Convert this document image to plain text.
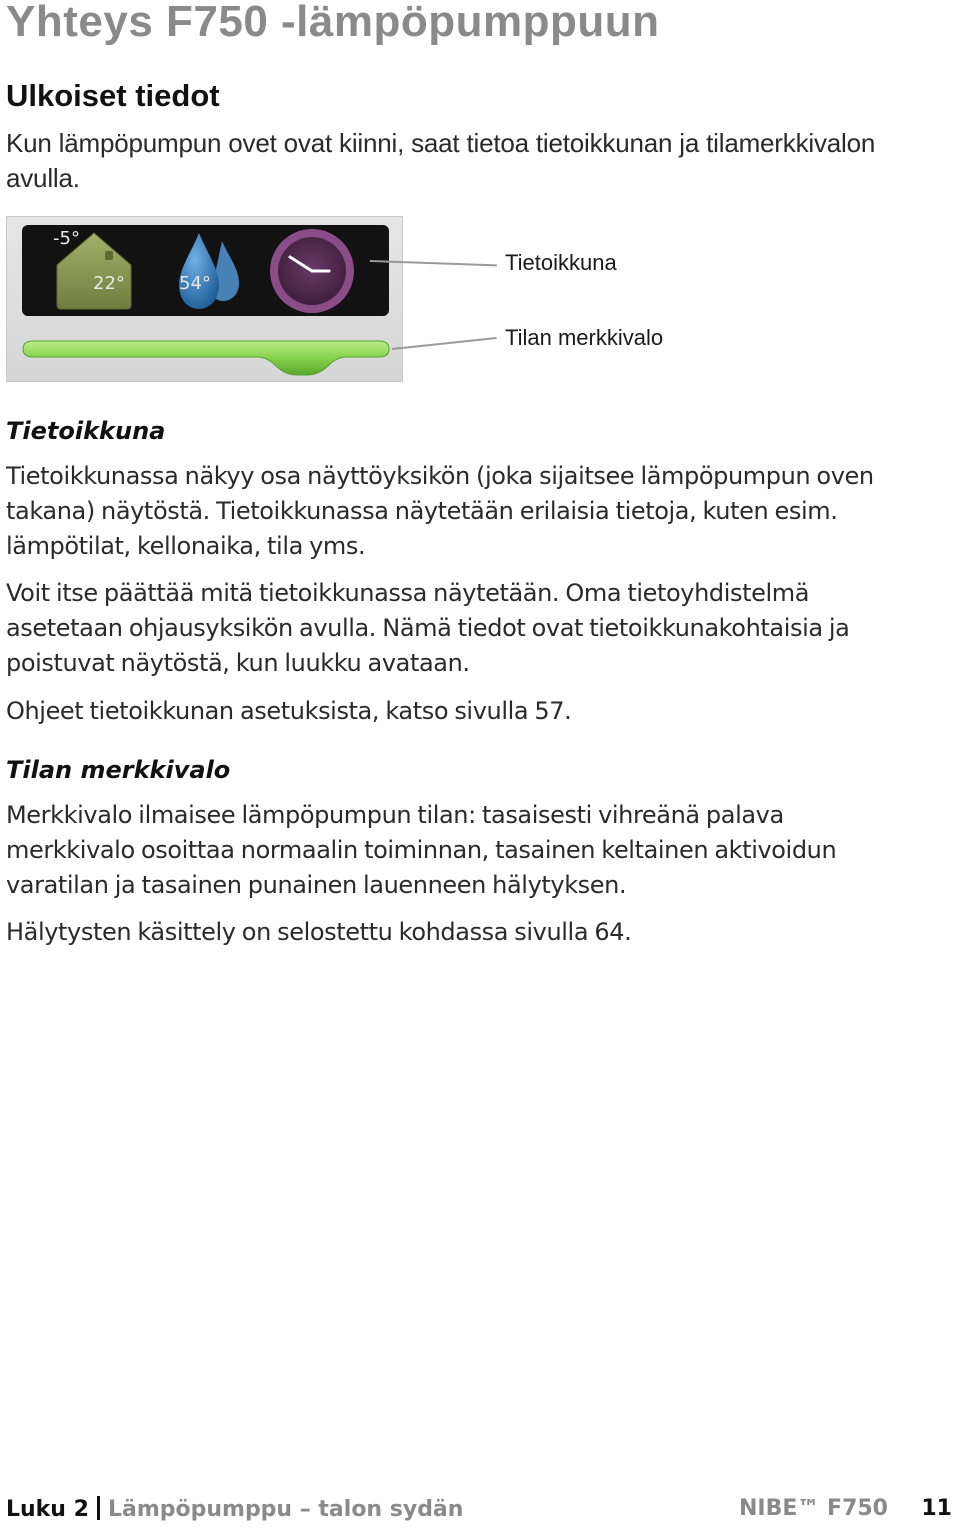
Yhteys F750 -lämpöpumppuun
Ulkoiset tiedot

Kun lämpöpumpun ovet ovat kiinni, saat tietoa tietoikkunan ja tilamerkkivalon avulla.

-5°
22°	54°
Tietoikkuna
Tilan merkkivalo
Tietoikkuna

Tietoikkunassa näkyy osa näyttöyksikön (joka sijaitsee lämpöpumpun oven takana) näytöstä. Tietoikkunassa näytetään erilaisia tietoja, kuten esim. lämpötilat, kellonaika, tila yms.

Voit itse päättää mitä tietoikkunassa näytetään. Oma tietoyhdistelmä asetetaan ohjausyksikön avulla. Nämä tiedot ovat tietoikkunakohtaisia ja poistuvat näytöstä, kun luukku avataan.

Ohjeet tietoikkunan asetuksista, katso sivulla 57.

Tilan merkkivalo

Merkkivalo ilmaisee lämpöpumpun tilan: tasaisesti vihreänä palava merkkivalo osoittaa normaalin toiminnan, tasainen keltainen aktivoidun varatilan ja tasainen punainen lauenneen hälytyksen.

Hälytysten käsittely on selostettu kohdassa sivulla 64.

Luku 2 Lämpöpumppu – talon sydän	NIBE™ F750 11
